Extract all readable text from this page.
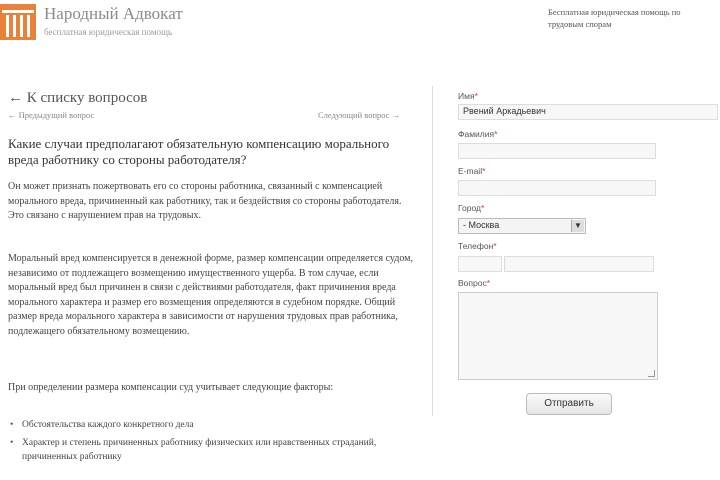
Народный Адвокат
бесплатная юридическая помощь
Бесплатная юридическая помощь по трудовым спорам
← К списку вопросов
← Предыдущий вопрос	Следующий вопрос →
Какие случаи предполагают обязательную компенсацию морального вреда работнику со стороны работодателя?
Он может признать пожертвовать его со стороны работника, связанный с компенсацией морального вреда, причиненный как работнику, так и бездействия со стороны работодателя. Это связано с нарушением прав на трудовых.
Моральный вред компенсируется в денежной форме, размер компенсации определяется судом, независимо от подлежащего возмещению имущественного ущерба. В том случае, если моральный вред был причинен в связи с действиями работодателя, факт причинения вреда морального характера и размер его возмещения определяются в судебном порядке. Общий размер вреда морального характера в зависимости от нарушения трудовых прав работника, подлежащего обязательному возмещению.
При определении размера компенсации суд учитывает следующие факторы:
• Обстоятельства каждого конкретного дела
• Характер и степень причиненных работнику физических или нравственных страданий, причиненных работнику
Имя*
Рвений Аркадьевич
Фамилия*
E-mail*
Город*
- Москва	▼
Телефон*
Вопрос*
Отправить
